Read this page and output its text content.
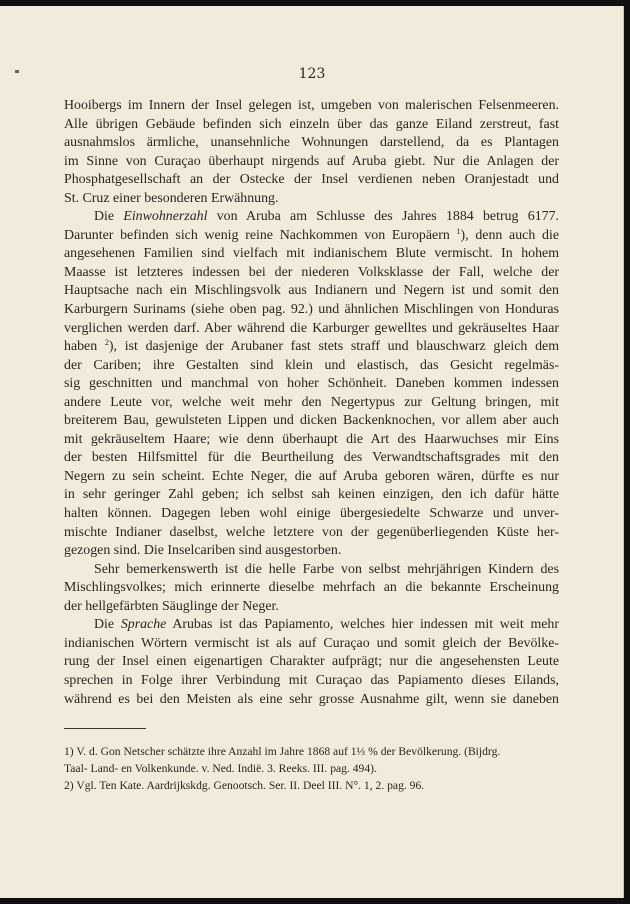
123
Hooibergs im Innern der Insel gelegen ist, umgeben von malerischen Felsenmeeren.
Alle übrigen Gebäude befinden sich einzeln über das ganze Eiland zerstreut, fast
ausnahmslos ärmliche, unansehnliche Wohnungen darstellend, da es Plantagen
im Sinne von Curaçao überhaupt nirgends auf Aruba giebt. Nur die Anlagen der
Phosphatgesellschaft an der Ostecke der Insel verdienen neben Oranjestadt und
St. Cruz einer besonderen Erwähnung.
Die Einwohnerzahl von Aruba am Schlusse des Jahres 1884 betrug 6177.
Darunter befinden sich wenig reine Nachkommen von Europäern $^1$), denn auch die
angesehenen Familien sind vielfach mit indianischem Blute vermischt. In hohem
Maasse ist letzteres indessen bei der niederen Volksklasse der Fall, welche der
Hauptsache nach ein Mischlingsvolk aus Indianern und Negern ist und somit den
Karburgern Surinams (siehe oben pag. 92.) und ähnlichen Mischlingen von Honduras
verglichen werden darf. Aber während die Karburger gewelltes und gekräuseltes Haar
haben $^2$), ist dasjenige der Arubaner fast stets straff und blauschwarz gleich dem
der Cariben; ihre Gestalten sind klein und elastisch, das Gesicht regelmäs-
sig geschnitten und manchmal von hoher Schönheit. Daneben kommen indessen
andere Leute vor, welche weit mehr den Negertypus zur Geltung bringen, mit
breiterem Bau, gewulsteten Lippen und dicken Backenknochen, vor allem aber auch
mit gekräuseltem Haare; wie denn überhaupt die Art des Haarwuchses mir Eins
der besten Hilfsmittel für die Beurtheilung des Verwandtschaftsgrades mit den
Negern zu sein scheint. Echte Neger, die auf Aruba geboren wären, dürfte es nur
in sehr geringer Zahl geben; ich selbst sah keinen einzigen, den ich dafür hätte
halten können. Dagegen leben wohl einige übergesiedelte Schwarze und unver-
mischte Indianer daselbst, welche letztere von der gegenüberliegenden Küste her-
gezogen sind. Die Inselcariben sind ausgestorben.
Sehr bemerkenswerth ist die helle Farbe von selbst mehrjährigen Kindern des
Mischlingsvolkes; mich erinnerte dieselbe mehrfach an die bekannte Erscheinung
der hellgefärbten Säuglinge der Neger.
Die Sprache Arubas ist das Papiamento, welches hier indessen mit weit mehr
indianischen Wörtern vermischt ist als auf Curaçao und somit gleich der Bevölke-
rung der Insel einen eigenartigen Charakter aufprägt; nur die angesehensten Leute
sprechen in Folge ihrer Verbindung mit Curaçao das Papiamento dieses Eilands,
während es bei den Meisten als eine sehr grosse Ausnahme gilt, wenn sie daneben
1) V. d. Gon Netscher schätzte ihre Anzahl im Jahre 1868 auf 1⅓ % der Bevölkerung. (Bijdrg.
Taal- Land- en Volkenkunde. v. Ned. Indië. 3. Reeks. III. pag. 494).
2) Vgl. Ten Kate. Aardrijkskdg. Genootsch. Ser. II. Deel III. N°. 1, 2. pag. 96.
